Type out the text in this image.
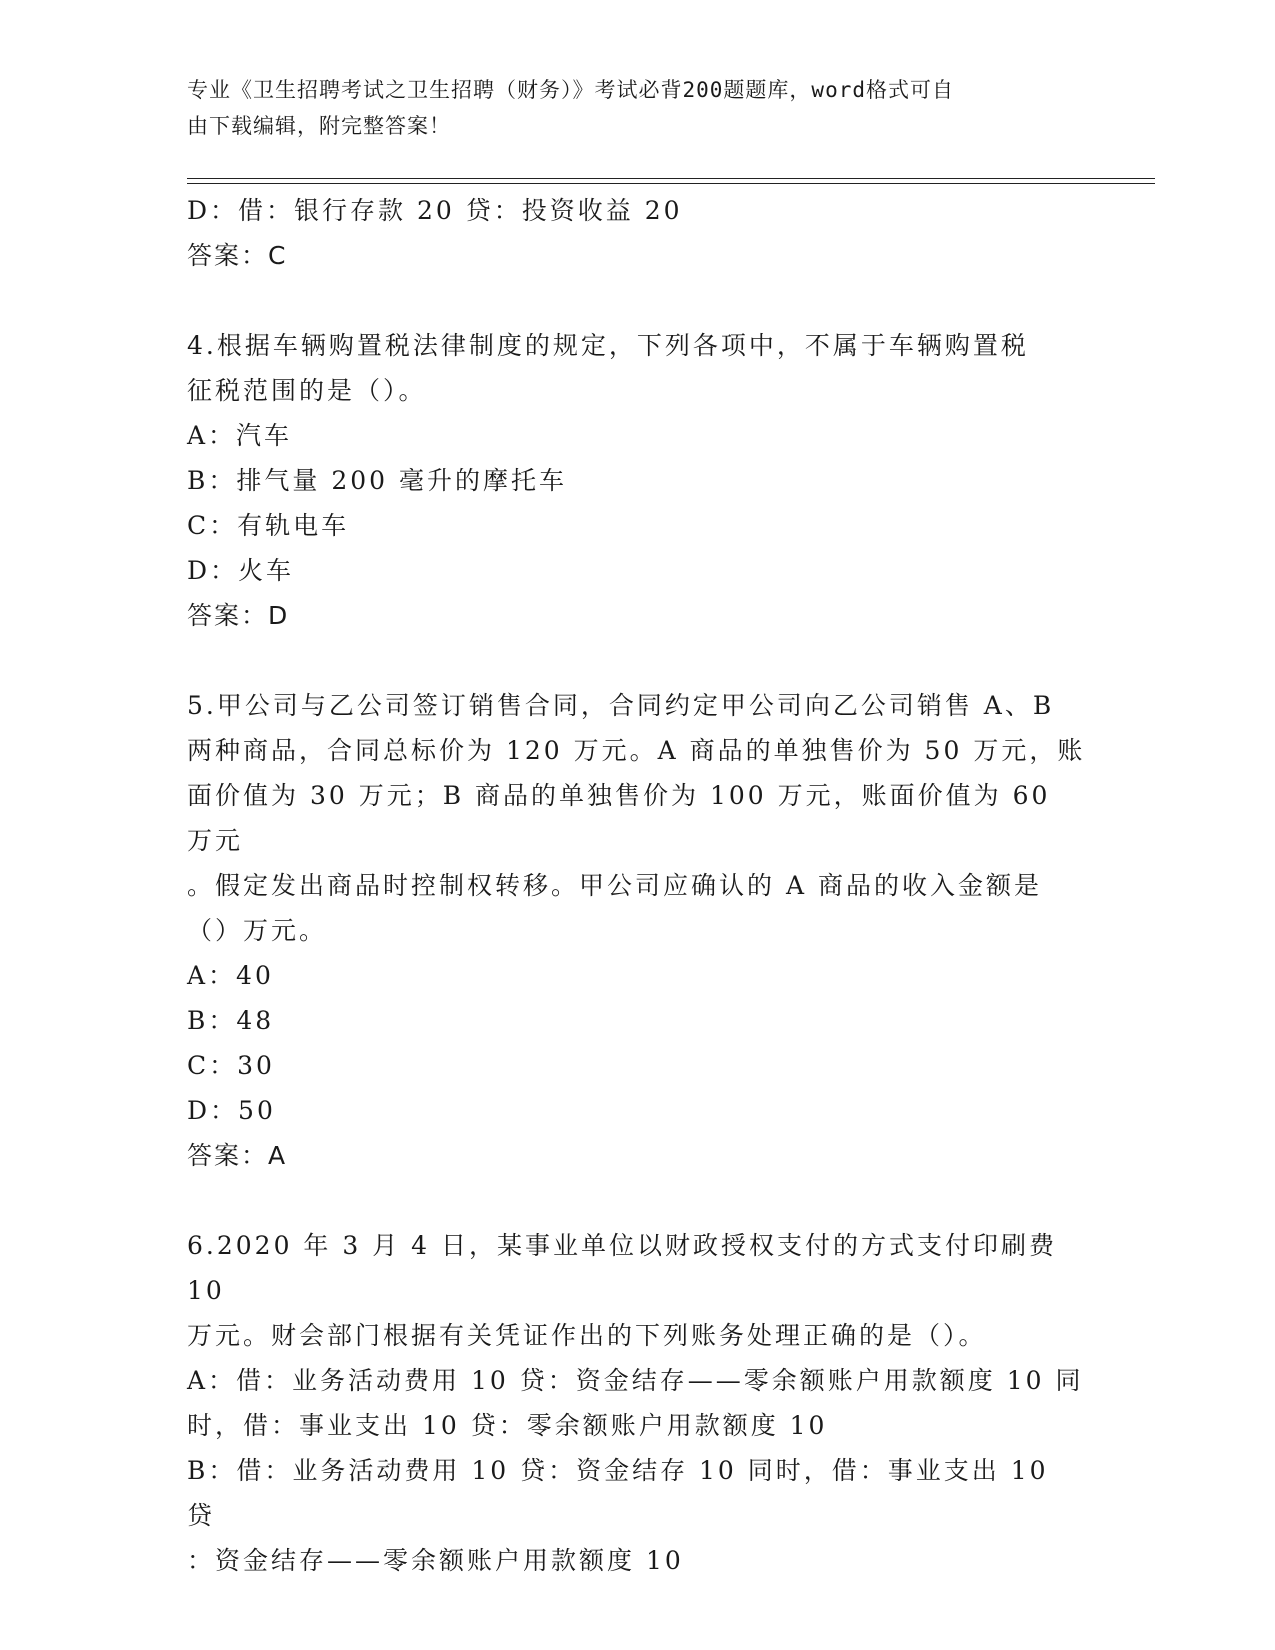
专业《卫生招聘考试之卫生招聘（财务）》考试必背200题题库，word格式可自
由下载编辑，附完整答案！

D：借：银行存款 20 贷：投资收益 20

答案：C

4.根据车辆购置税法律制度的规定，下列各项中，不属于车辆购置税

征税范围的是（）。

A：汽车

B：排气量 200 毫升的摩托车

C：有轨电车

D：火车

答案：D

5.甲公司与乙公司签订销售合同，合同约定甲公司向乙公司销售 A、B

两种商品，合同总标价为 120 万元。A 商品的单独售价为 50 万元，账

面价值为 30 万元；B 商品的单独售价为 100 万元，账面价值为 60 万元

。假定发出商品时控制权转移。甲公司应确认的 A 商品的收入金额是

（）万元。

A：40

B：48

C：30

D：50

答案：A

6.2020 年 3 月 4 日，某事业单位以财政授权支付的方式支付印刷费 10

万元。财会部门根据有关凭证作出的下列账务处理正确的是（）。

A：借：业务活动费用 10 贷：资金结存——零余额账户用款额度 10 同

时，借：事业支出 10 贷：零余额账户用款额度 10

B：借：业务活动费用 10 贷：资金结存 10 同时，借：事业支出 10 贷

：资金结存——零余额账户用款额度 10
